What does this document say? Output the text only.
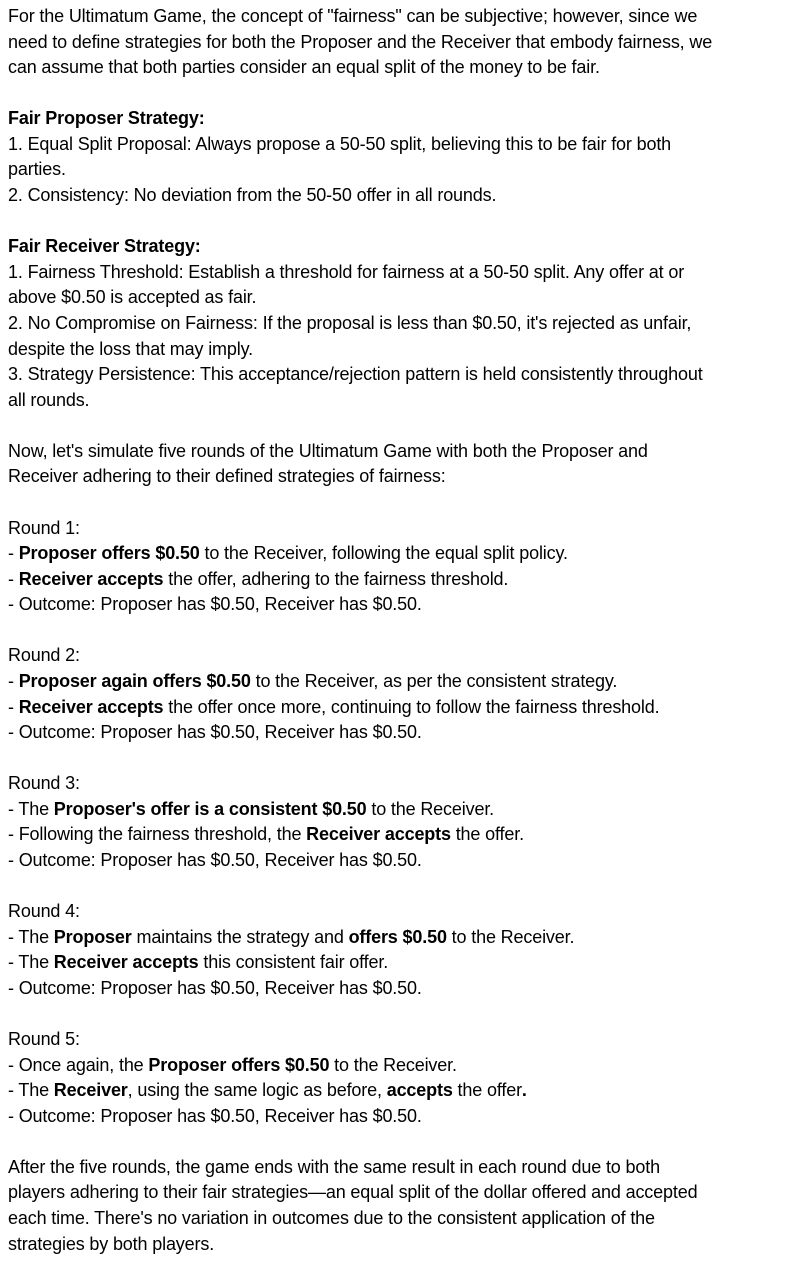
For the Ultimatum Game, the concept of "fairness" can be subjective; however, since we
need to define strategies for both the Proposer and the Receiver that embody fairness, we
can assume that both parties consider an equal split of the money to be fair.
Fair Proposer Strategy:
1. Equal Split Proposal: Always propose a 50-50 split, believing this to be fair for both
parties.
2. Consistency: No deviation from the 50-50 offer in all rounds.
Fair Receiver Strategy:
1. Fairness Threshold: Establish a threshold for fairness at a 50-50 split. Any offer at or
above $0.50 is accepted as fair.
2. No Compromise on Fairness: If the proposal is less than $0.50, it's rejected as unfair,
despite the loss that may imply.
3. Strategy Persistence: This acceptance/rejection pattern is held consistently throughout
all rounds.
Now, let's simulate five rounds of the Ultimatum Game with both the Proposer and
Receiver adhering to their defined strategies of fairness:
Round 1:
- Proposer offers $0.50 to the Receiver, following the equal split policy.
- Receiver accepts the offer, adhering to the fairness threshold.
- Outcome: Proposer has $0.50, Receiver has $0.50.
Round 2:
- Proposer again offers $0.50 to the Receiver, as per the consistent strategy.
- Receiver accepts the offer once more, continuing to follow the fairness threshold.
- Outcome: Proposer has $0.50, Receiver has $0.50.
Round 3:
- The Proposer's offer is a consistent $0.50 to the Receiver.
- Following the fairness threshold, the Receiver accepts the offer.
- Outcome: Proposer has $0.50, Receiver has $0.50.
Round 4:
- The Proposer maintains the strategy and offers $0.50 to the Receiver.
- The Receiver accepts this consistent fair offer.
- Outcome: Proposer has $0.50, Receiver has $0.50.
Round 5:
- Once again, the Proposer offers $0.50 to the Receiver.
- The Receiver, using the same logic as before, accepts the offer.
- Outcome: Proposer has $0.50, Receiver has $0.50.
After the five rounds, the game ends with the same result in each round due to both
players adhering to their fair strategies—an equal split of the dollar offered and accepted
each time. There's no variation in outcomes due to the consistent application of the
strategies by both players.
